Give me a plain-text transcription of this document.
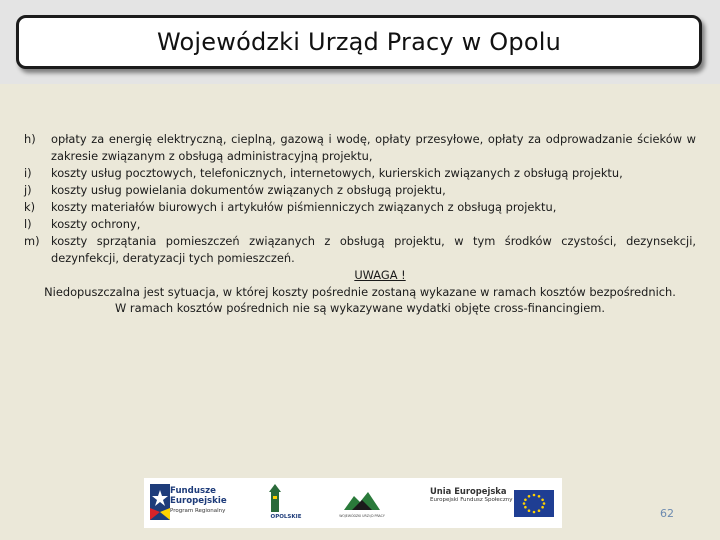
Wojewódzki Urząd Pracy w Opolu
h)	opłaty za energię elektryczną, cieplną, gazową i wodę, opłaty przesyłowe, opłaty za odprowadzanie ścieków w zakresie związanym z obsługą administracyjną projektu,
i)	koszty usług pocztowych, telefonicznych, internetowych, kurierskich związanych z obsługą projektu,
j)	koszty usług powielania dokumentów związanych z obsługą projektu,
k)	koszty materiałów biurowych i artykułów piśmienniczych związanych z obsługą projektu,
l)	koszty ochrony,
m)	koszty sprzątania pomieszczeń związanych z obsługą projektu, w tym środków czystości, dezynsekcji, dezynfekcji, deratyzacji tych pomieszczeń.
UWAGA !
Niedopuszczalna jest sytuacja, w której koszty pośrednie zostaną wykazane w ramach kosztów bezpośrednich.
W ramach kosztów pośrednich nie są wykazywane wydatki objęte cross-financingiem.
Fundusze
Europejskie
Program Regionalny
OPOLSKIE	WOJEWÓDZKI URZĄD PRACY
Unia Europejska
Europejski Fundusz Społeczny
62
